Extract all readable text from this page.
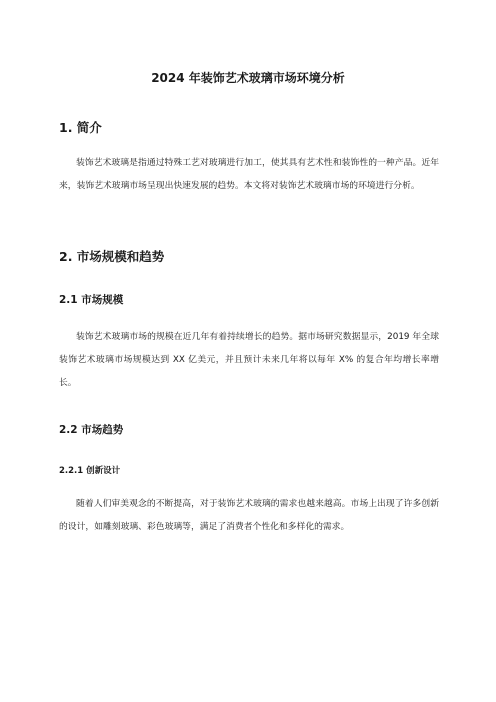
2024 年装饰艺术玻璃市场环境分析
1. 简介

装饰艺术玻璃是指通过特殊工艺对玻璃进行加工，使其具有艺术性和装饰性的一种产品。近年来，装饰艺术玻璃市场呈现出快速发展的趋势。本文将对装饰艺术玻璃市场的环境进行分析。

2. 市场规模和趋势
2.1 市场规模

装饰艺术玻璃市场的规模在近几年有着持续增长的趋势。据市场研究数据显示，2019 年全球装饰艺术玻璃市场规模达到 XX 亿美元，并且预计未来几年将以每年 X% 的复合年均增长率增长。

2.2 市场趋势
2.2.1 创新设计

随着人们审美观念的不断提高，对于装饰艺术玻璃的需求也越来越高。市场上出现了许多创新的设计，如雕刻玻璃、彩色玻璃等，满足了消费者个性化和多样化的需求。
